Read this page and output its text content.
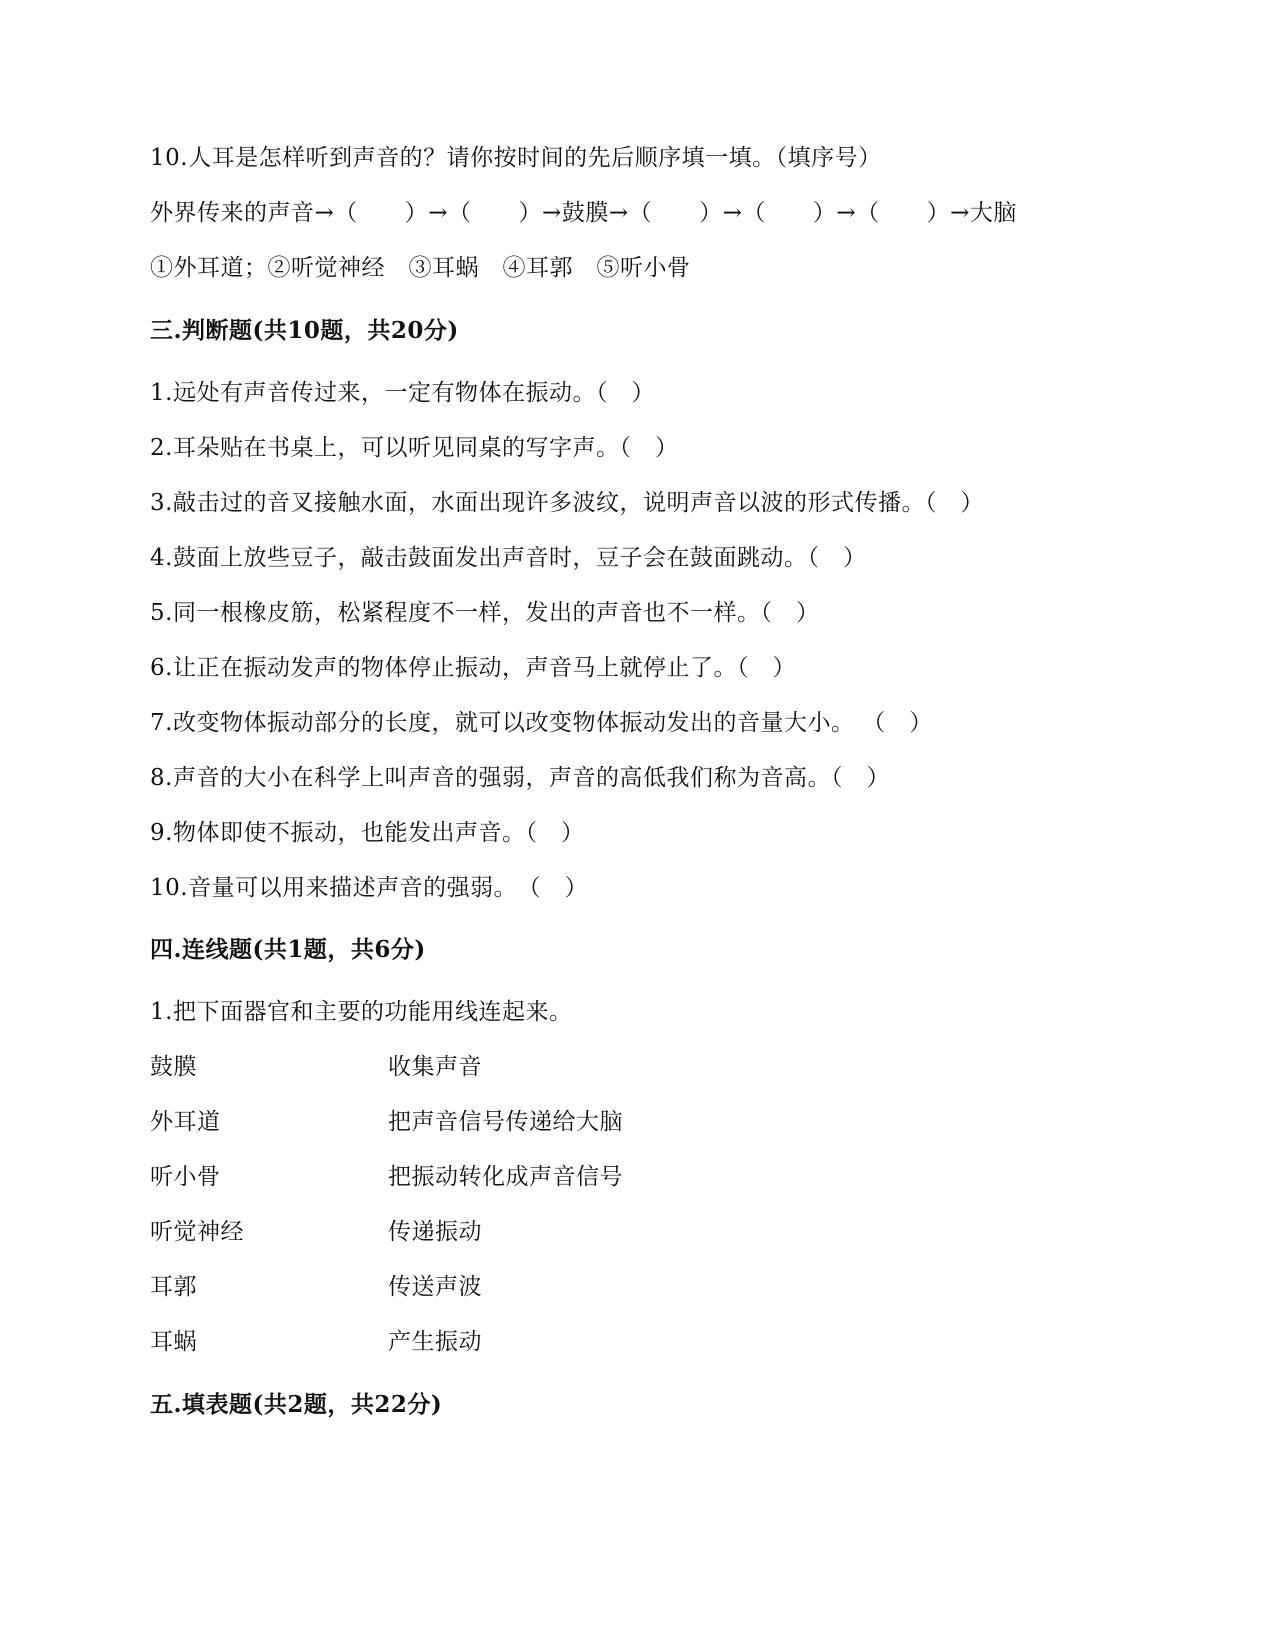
10.人耳是怎样听到声音的？请你按时间的先后顺序填一填。（填序号）
外界传来的声音→（　　）→（　　）→鼓膜→（　　）→（　　）→（　　）→大脑
①外耳道；②听觉神经　③耳蜗　④耳郭　⑤听小骨
三.判断题(共10题，共20分)
1.远处有声音传过来，一定有物体在振动。（　）
2.耳朵贴在书桌上，可以听见同桌的写字声。（　）
3.敲击过的音叉接触水面，水面出现许多波纹，说明声音以波的形式传播。（　）
4.鼓面上放些豆子，敲击鼓面发出声音时，豆子会在鼓面跳动。（　）
5.同一根橡皮筋，松紧程度不一样，发出的声音也不一样。（　）
6.让正在振动发声的物体停止振动，声音马上就停止了。（　）
7.改变物体振动部分的长度，就可以改变物体振动发出的音量大小。 （　）
8.声音的大小在科学上叫声音的强弱，声音的高低我们称为音高。（　）
9.物体即使不振动，也能发出声音。（　）
10.音量可以用来描述声音的强弱。　（　）
四.连线题(共1题，共6分)
1.把下面器官和主要的功能用线连起来。
鼓膜	收集声音
外耳道	把声音信号传递给大脑
听小骨	把振动转化成声音信号
听觉神经	传递振动
耳郭	传送声波
耳蜗	产生振动
五.填表题(共2题，共22分)
